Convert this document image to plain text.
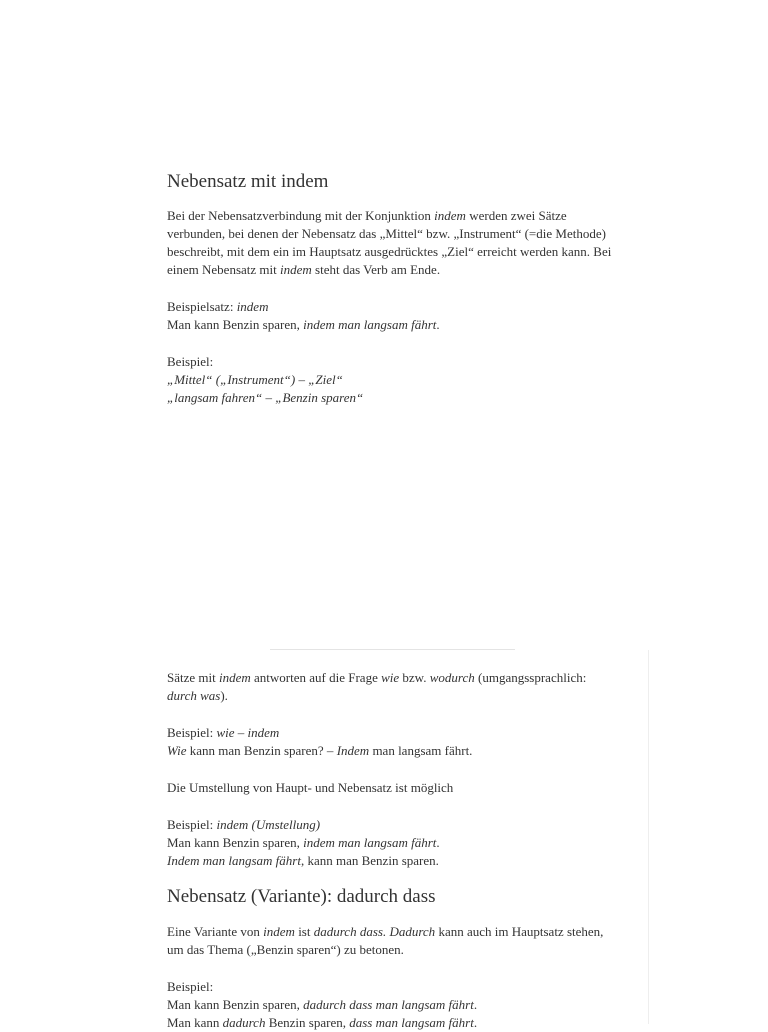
Nebensatz mit indem
Bei der Nebensatzverbindung mit der Konjunktion indem werden zwei Sätze verbunden, bei denen der Nebensatz das „Mittel“ bzw. „Instrument“ (=die Methode) beschreibt, mit dem ein im Hauptsatz ausgedrücktes „Ziel“ erreicht werden kann. Bei einem Nebensatz mit indem steht das Verb am Ende.
Beispielsatz: indem
Man kann Benzin sparen, indem man langsam fährt.
Beispiel:
„Mittel“ („Instrument“) – „Ziel“
„langsam fahren“ – „Benzin sparen“
Sätze mit indem antworten auf die Frage wie bzw. wodurch (umgangssprachlich: durch was).
Beispiel: wie – indem
Wie kann man Benzin sparen? – Indem man langsam fährt.
Die Umstellung von Haupt- und Nebensatz ist möglich
Beispiel: indem (Umstellung)
Man kann Benzin sparen, indem man langsam fährt.
Indem man langsam fährt, kann man Benzin sparen.
Nebensatz (Variante): dadurch dass
Eine Variante von indem ist dadurch dass. Dadurch kann auch im Hauptsatz stehen, um das Thema („Benzin sparen“) zu betonen.
Beispiel:
Man kann Benzin sparen, dadurch dass man langsam fährt.
Man kann dadurch Benzin sparen, dass man langsam fährt.
